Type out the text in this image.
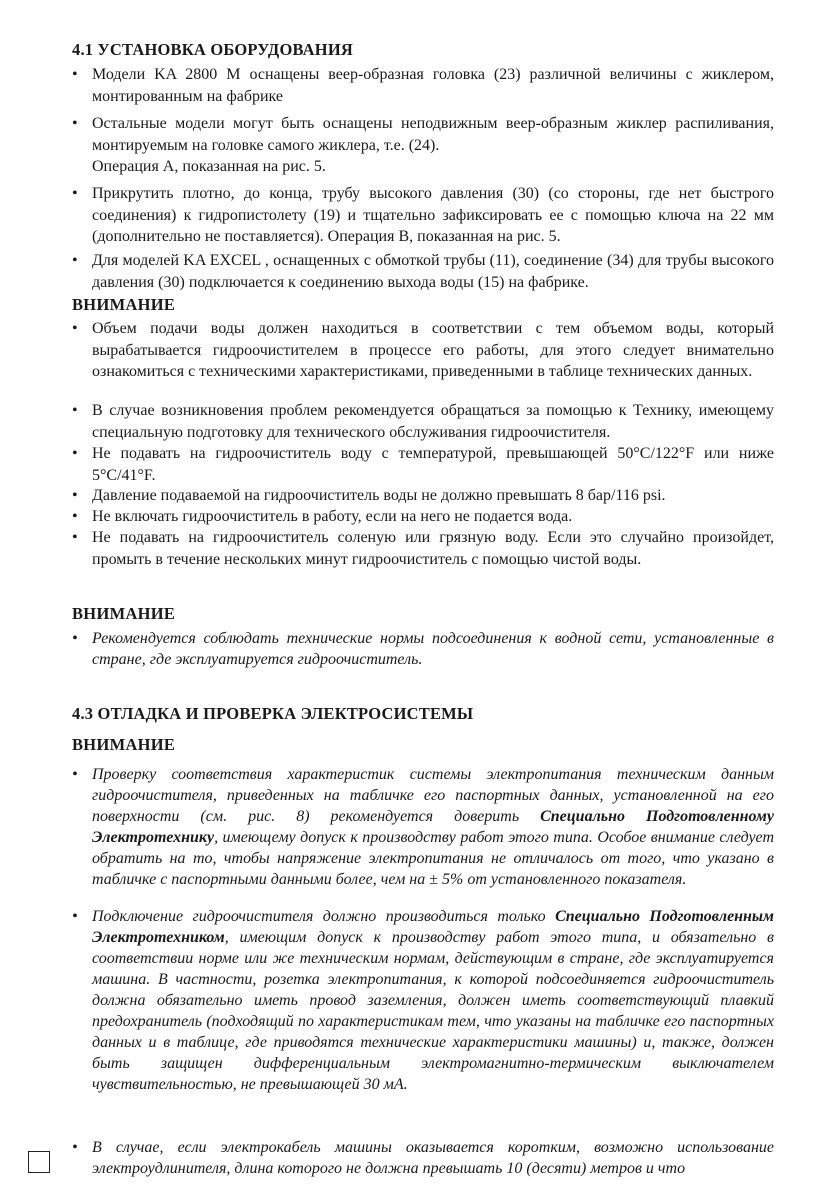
4.1 УСТАНОВКА ОБОРУДОВАНИЯ
• Модели KA 2800 M оснащены веер-образная головка (23) различной величины с жиклером, монтированным на фабрике
• Остальные модели могут быть оснащены неподвижным веер-образным жиклер распиливания, монтируемым на головке самого жиклера, т.е. (24).
Операция A, показанная на рис. 5.
• Прикрутить плотно, до конца, трубу высокого давления (30) (со стороны, где нет быстрого соединения) к гидропистолету (19) и тщательно зафиксировать ее с помощью ключа на 22 мм (дополнительно не поставляется). Операция B, показанная на рис. 5.
• Для моделей KA EXCEL , оснащенных с обмоткой трубы (11), соединение (34) для трубы высокого давления (30) подключается к соединению выхода воды (15) на фабрике.
ВНИМАНИЕ
• Объем подачи воды должен находиться в соответствии с тем объемом воды, который вырабатывается гидроочистителем в процессе его работы, для этого следует внимательно ознакомиться с техническими характеристиками, приведенными в таблице технических данных.
• В случае возникновения проблем рекомендуется обращаться за помощью к Технику, имеющему специальную подготовку для технического обслуживания гидроочистителя.
• Не подавать на гидроочиститель воду с температурой, превышающей 50°C/122°F или ниже 5°C/41°F.
• Давление подаваемой на гидроочиститель воды не должно превышать 8 бар/116 psi.
• Не включать гидроочиститель в работу, если на него не подается вода.
• Не подавать на гидроочиститель соленую или грязную воду. Если это случайно произойдет, промыть в течение нескольких минут гидроочиститель с помощью чистой воды.
ВНИМАНИЕ
• Рекомендуется соблюдать технические нормы подсоединения к водной сети, установленные в стране, где эксплуатируется гидроочиститель.
4.3 ОТЛАДКА И ПРОВЕРКА ЭЛЕКТРОСИСТЕМЫ
ВНИМАНИЕ
• Проверку соответствия характеристик системы электропитания техническим данным гидроочистителя, приведенных на табличке его паспортных данных, установленной на его поверхности (см. рис. 8) рекомендуется доверить Специально Подготовленному Электротехнику, имеющему допуск к производству работ этого типа. Особое внимание следует обратить на то, чтобы напряжение электропитания не отличалось от того, что указано в табличке с паспортными данными более, чем на ± 5% от установленного показателя.
• Подключение гидроочистителя должно производиться только Специально Подготовленным Электротехником, имеющим допуск к производству работ этого типа, и обязательно в соответствии норме или же техническим нормам, действующим в стране, где эксплуатируется машина. В частности, розетка электропитания, к которой подсоединяется гидроочиститель должна обязательно иметь провод заземления, должен иметь соответствующий плавкий предохранитель (подходящий по характеристикам тем, что указаны на табличке его паспортных данных и в таблице, где приводятся технические характеристики машины) и, также, должен быть защищен дифференциальным электромагнитно-термическим выключателем чувствительностью, не превышающей 30 мA.
• В случае, если электрокабель машины оказывается коротким, возможно использование электроудлинителя, длина которого не должна превышать 10 (десяти) метров и что
